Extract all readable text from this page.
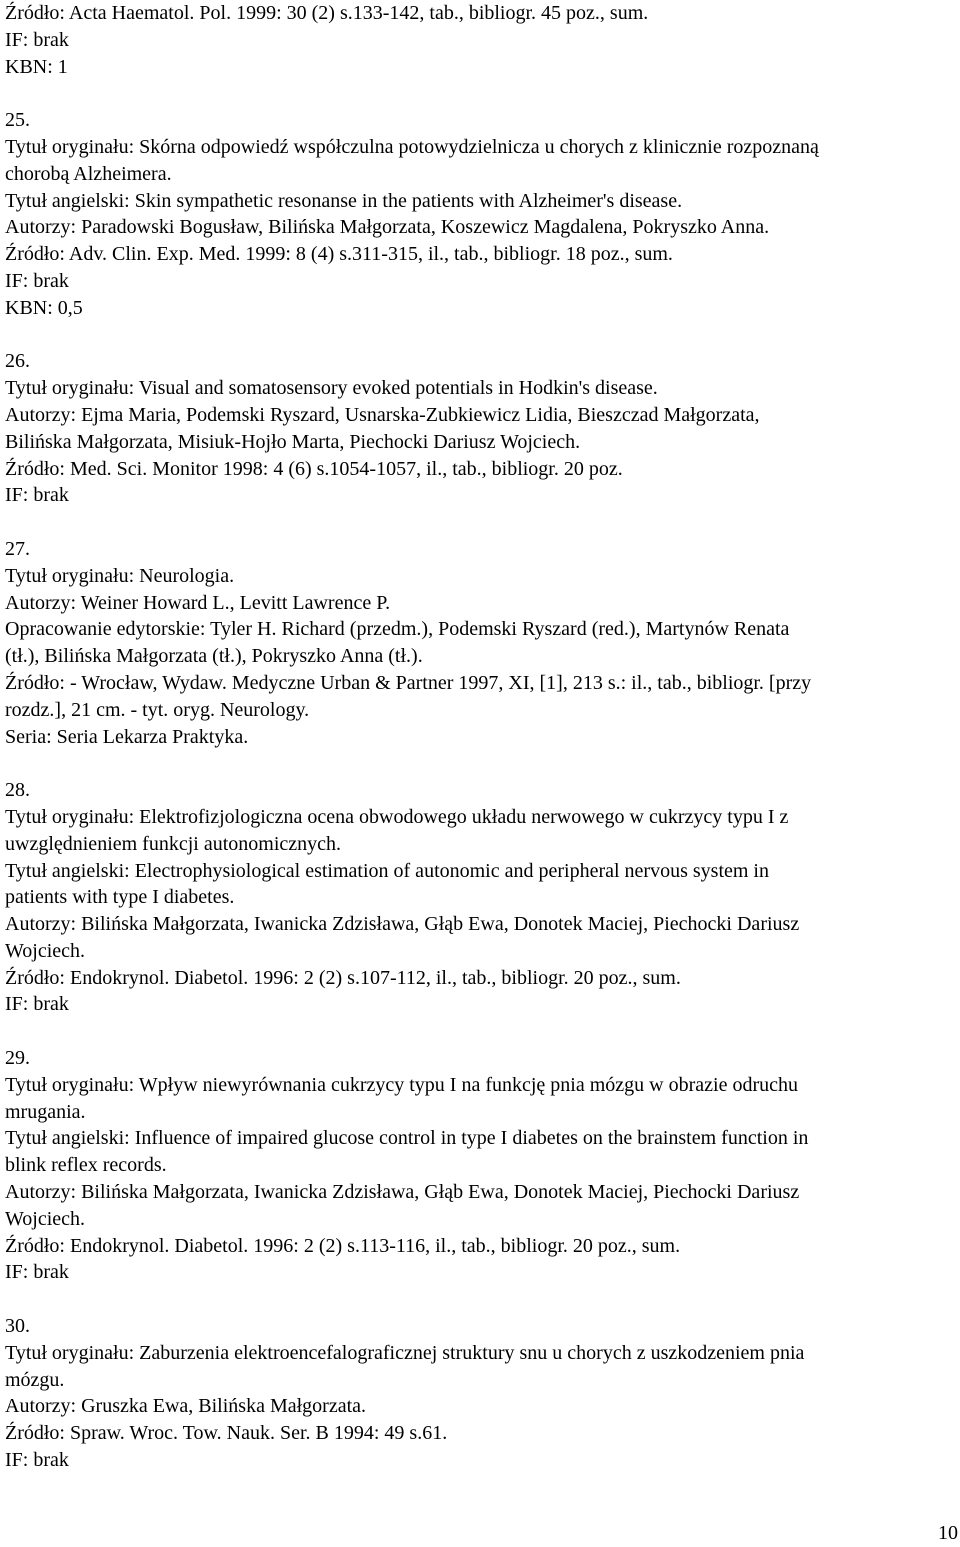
Źródło: Acta Haematol. Pol. 1999: 30 (2) s.133-142, tab., bibliogr. 45 poz., sum.
IF: brak
KBN: 1
25.
Tytuł oryginału: Skórna odpowiedź współczulna potowydzielnicza u chorych z klinicznie rozpoznaną
chorobą Alzheimera.
Tytuł angielski: Skin sympathetic resonanse in the patients with Alzheimer's disease.
Autorzy: Paradowski Bogusław, Bilińska Małgorzata, Koszewicz Magdalena, Pokryszko Anna.
Źródło: Adv. Clin. Exp. Med. 1999: 8 (4) s.311-315, il., tab., bibliogr. 18 poz., sum.
IF: brak
KBN: 0,5
26.
Tytuł oryginału: Visual and somatosensory evoked potentials in Hodkin's disease.
Autorzy: Ejma Maria, Podemski Ryszard, Usnarska-Zubkiewicz Lidia, Bieszczad Małgorzata,
Bilińska Małgorzata, Misiuk-Hojło Marta, Piechocki Dariusz Wojciech.
Źródło: Med. Sci. Monitor 1998: 4 (6) s.1054-1057, il., tab., bibliogr. 20 poz.
IF: brak
27.
Tytuł oryginału: Neurologia.
Autorzy: Weiner Howard L., Levitt Lawrence P.
Opracowanie edytorskie: Tyler H. Richard (przedm.), Podemski Ryszard (red.), Martynów Renata
(tł.), Bilińska Małgorzata (tł.), Pokryszko Anna (tł.).
Źródło: - Wrocław, Wydaw. Medyczne Urban & Partner 1997, XI, [1], 213 s.: il., tab., bibliogr. [przy
rozdz.], 21 cm. - tyt. oryg. Neurology.
Seria: Seria Lekarza Praktyka.
28.
Tytuł oryginału: Elektrofizjologiczna ocena obwodowego układu nerwowego w cukrzycy typu I z
uwzględnieniem funkcji autonomicznych.
Tytuł angielski: Electrophysiological estimation of autonomic and peripheral nervous system in
patients with type I diabetes.
Autorzy: Bilińska Małgorzata, Iwanicka Zdzisława, Głąb Ewa, Donotek Maciej, Piechocki Dariusz
Wojciech.
Źródło: Endokrynol. Diabetol. 1996: 2 (2) s.107-112, il., tab., bibliogr. 20 poz., sum.
IF: brak
29.
Tytuł oryginału: Wpływ niewyrównania cukrzycy typu I na funkcję pnia mózgu w obrazie odruchu
mrugania.
Tytuł angielski: Influence of impaired glucose control in type I diabetes on the brainstem function in
blink reflex records.
Autorzy: Bilińska Małgorzata, Iwanicka Zdzisława, Głąb Ewa, Donotek Maciej, Piechocki Dariusz
Wojciech.
Źródło: Endokrynol. Diabetol. 1996: 2 (2) s.113-116, il., tab., bibliogr. 20 poz., sum.
IF: brak
30.
Tytuł oryginału: Zaburzenia elektroencefalograficznej struktury snu u chorych z uszkodzeniem pnia
mózgu.
Autorzy: Gruszka Ewa, Bilińska Małgorzata.
Źródło: Spraw. Wroc. Tow. Nauk. Ser. B 1994: 49 s.61.
IF: brak
10
